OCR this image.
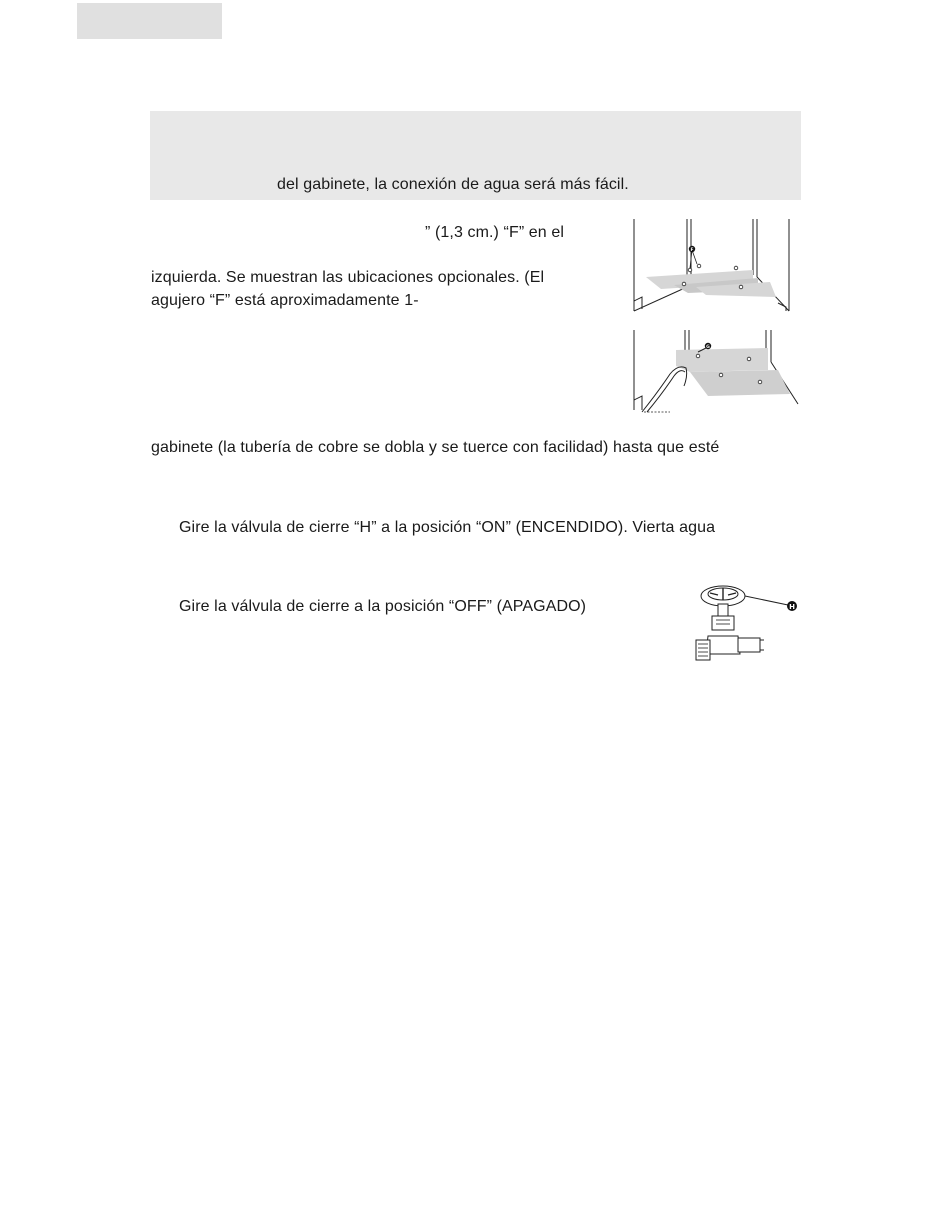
del gabinete, la conexión de agua será más fácil.
” (1,3 cm.) “F” en el
izquierda. Se muestran las ubicaciones opcionales. (El
agujero “F” está aproximadamente 1-
F
G
gabinete (la tubería de cobre se dobla y se tuerce con facilidad) hasta que esté
Gire la válvula de cierre “H” a la posición “ON” (ENCENDIDO). Vierta agua
Gire la válvula de cierre a la posición “OFF” (APAGADO)	H
